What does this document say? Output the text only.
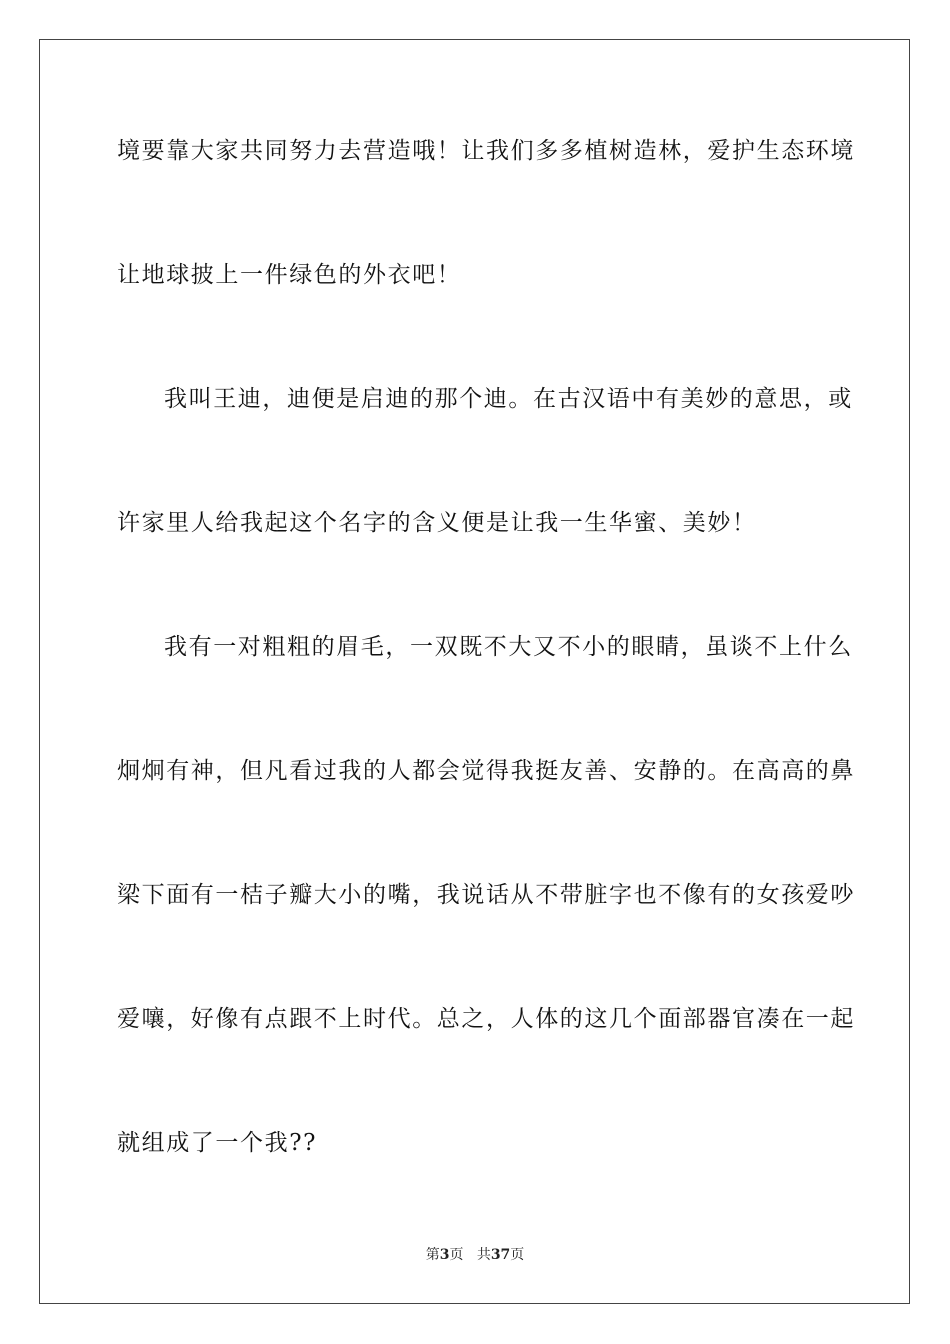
境要靠大家共同努力去营造哦！让我们多多植树造林，爱护生态环境
让地球披上一件绿色的外衣吧！
我叫王迪，迪便是启迪的那个迪。在古汉语中有美妙的意思，或
许家里人给我起这个名字的含义便是让我一生华蜜、美妙！
我有一对粗粗的眉毛，一双既不大又不小的眼睛，虽谈不上什么
炯炯有神，但凡看过我的人都会觉得我挺友善、安静的。在高高的鼻
梁下面有一桔子瓣大小的嘴，我说话从不带脏字也不像有的女孩爱吵
爱嚷，好像有点跟不上时代。总之，人体的这几个面部器官凑在一起
就组成了一个我??
第3页 共37页
